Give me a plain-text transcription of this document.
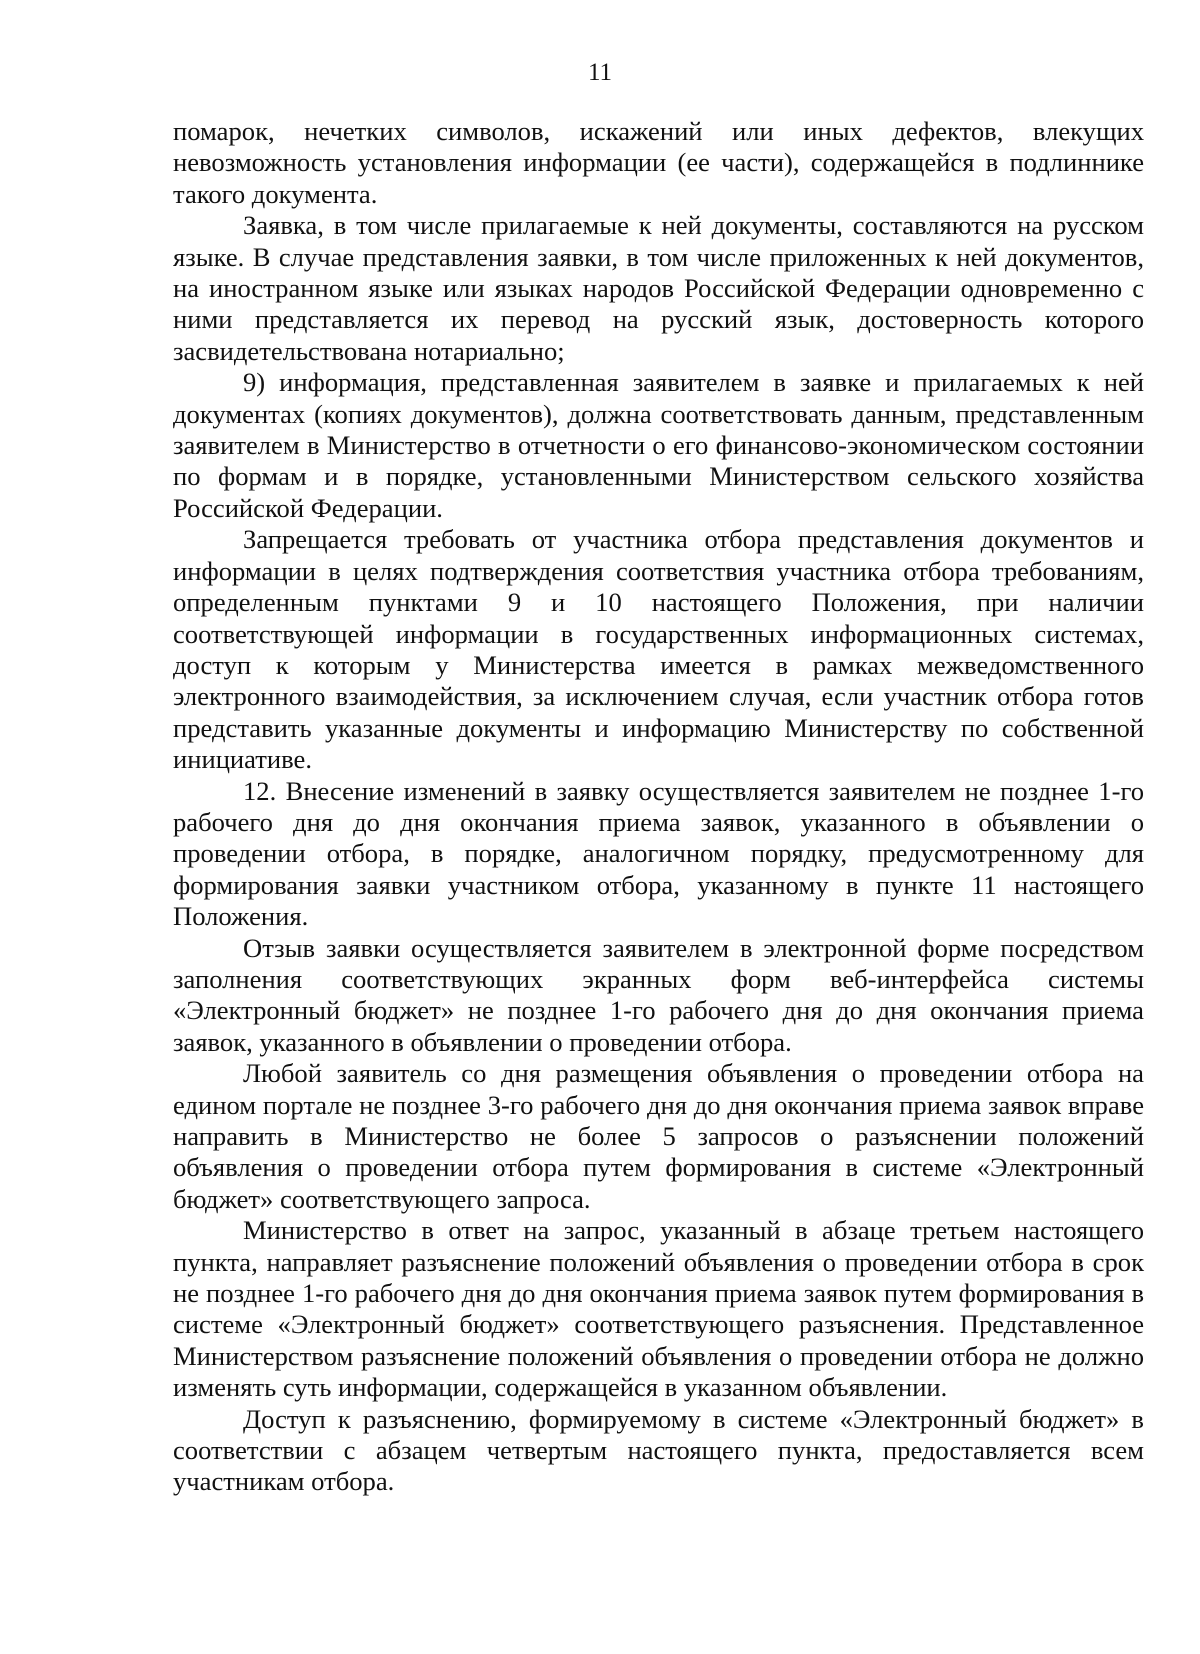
11

помарок, нечетких символов, искажений или иных дефектов, влекущих невозможность установления информации (ее части), содержащейся в подлиннике такого документа.

Заявка, в том числе прилагаемые к ней документы, составляются на русском языке. В случае представления заявки, в том числе приложенных к ней документов, на иностранном языке или языках народов Российской Федерации одновременно с ними представляется их перевод на русский язык, достоверность которого засвидетельствована нотариально;

9) информация, представленная заявителем в заявке и прилагаемых к ней документах (копиях документов), должна соответствовать данным, представленным заявителем в Министерство в отчетности о его финансово-экономическом состоянии по формам и в порядке, установленными Министерством сельского хозяйства Российской Федерации.

Запрещается требовать от участника отбора представления документов и информации в целях подтверждения соответствия участника отбора требованиям, определенным пунктами 9 и 10 настоящего Положения, при наличии соответствующей информации в государственных информационных системах, доступ к которым у Министерства имеется в рамках межведомственного электронного взаимодействия, за исключением случая, если участник отбора готов представить указанные документы и информацию Министерству по собственной инициативе.

12. Внесение изменений в заявку осуществляется заявителем не позднее 1-го рабочего дня до дня окончания приема заявок, указанного в объявлении о проведении отбора, в порядке, аналогичном порядку, предусмотренному для формирования заявки участником отбора, указанному в пункте 11 настоящего Положения.

Отзыв заявки осуществляется заявителем в электронной форме посредством заполнения соответствующих экранных форм веб-интерфейса системы «Электронный бюджет» не позднее 1-го рабочего дня до дня окончания приема заявок, указанного в объявлении о проведении отбора.

Любой заявитель со дня размещения объявления о проведении отбора на едином портале не позднее 3-го рабочего дня до дня окончания приема заявок вправе направить в Министерство не более 5 запросов о разъяснении положений объявления о проведении отбора путем формирования в системе «Электронный бюджет» соответствующего запроса.

Министерство в ответ на запрос, указанный в абзаце третьем настоящего пункта, направляет разъяснение положений объявления о проведении отбора в срок не позднее 1-го рабочего дня до дня окончания приема заявок путем формирования в системе «Электронный бюджет» соответствующего разъяснения. Представленное Министерством разъяснение положений объявления о проведении отбора не должно изменять суть информации, содержащейся в указанном объявлении.

Доступ к разъяснению, формируемому в системе «Электронный бюджет» в соответствии с абзацем четвертым настоящего пункта, предоставляется всем участникам отбора.
